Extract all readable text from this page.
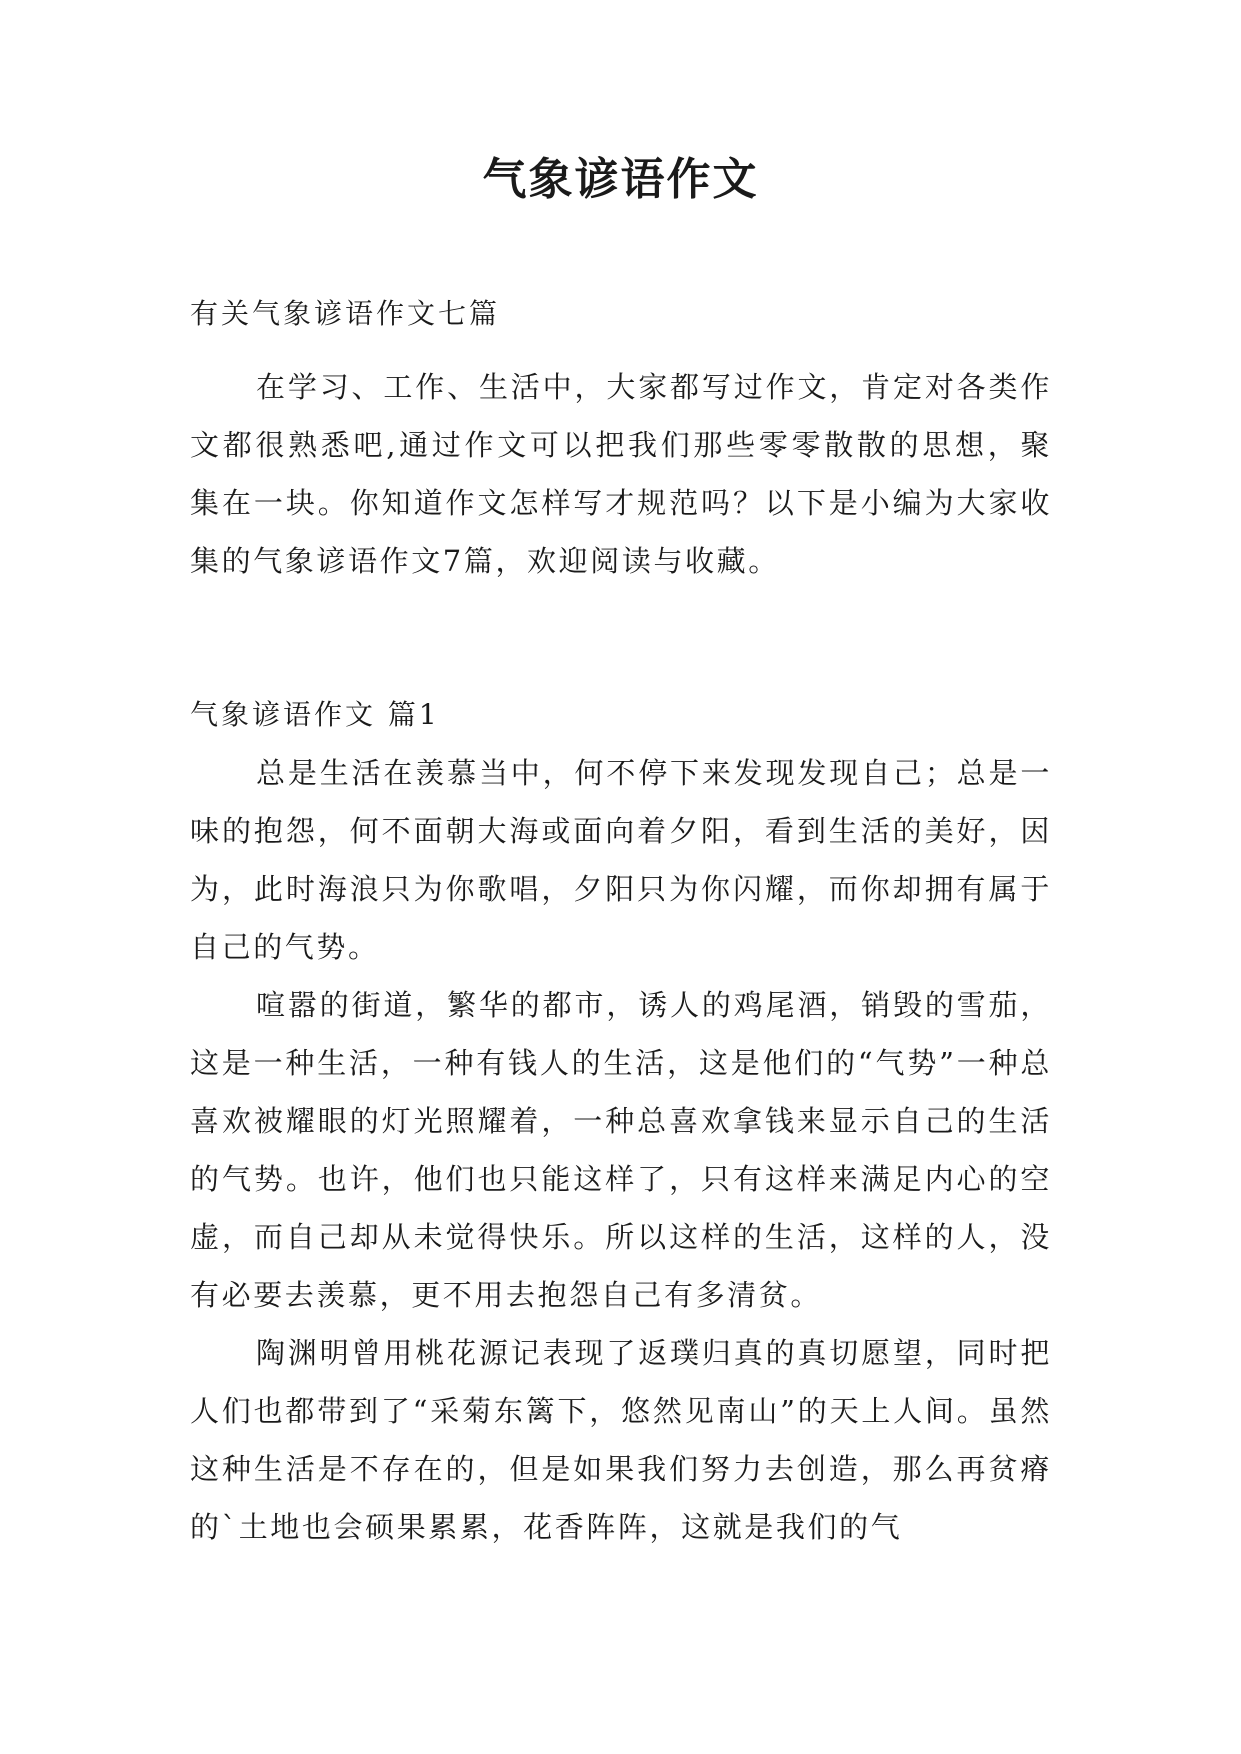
气象谚语作文

有关气象谚语作文七篇

在学习、工作、生活中，大家都写过作文，肯定对各类作文都很熟悉吧,通过作文可以把我们那些零零散散的思想，聚集在一块。你知道作文怎样写才规范吗？以下是小编为大家收集的气象谚语作文7篇，欢迎阅读与收藏。

气象谚语作文 篇1

总是生活在羡慕当中，何不停下来发现发现自己；总是一味的抱怨，何不面朝大海或面向着夕阳，看到生活的美好，因为，此时海浪只为你歌唱，夕阳只为你闪耀，而你却拥有属于自己的气势。

喧嚣的街道，繁华的都市，诱人的鸡尾酒，销毁的雪茄，这是一种生活，一种有钱人的生活，这是他们的“气势”一种总喜欢被耀眼的灯光照耀着，一种总喜欢拿钱来显示自己的生活的气势。也许，他们也只能这样了，只有这样来满足内心的空虚，而自己却从未觉得快乐。所以这样的生活，这样的人，没有必要去羡慕，更不用去抱怨自己有多清贫。

陶渊明曾用桃花源记表现了返璞归真的真切愿望，同时把人们也都带到了“采菊东篱下，悠然见南山”的天上人间。虽然这种生活是不存在的，但是如果我们努力去创造，那么再贫瘠的`土地也会硕果累累，花香阵阵，这就是我们的气
